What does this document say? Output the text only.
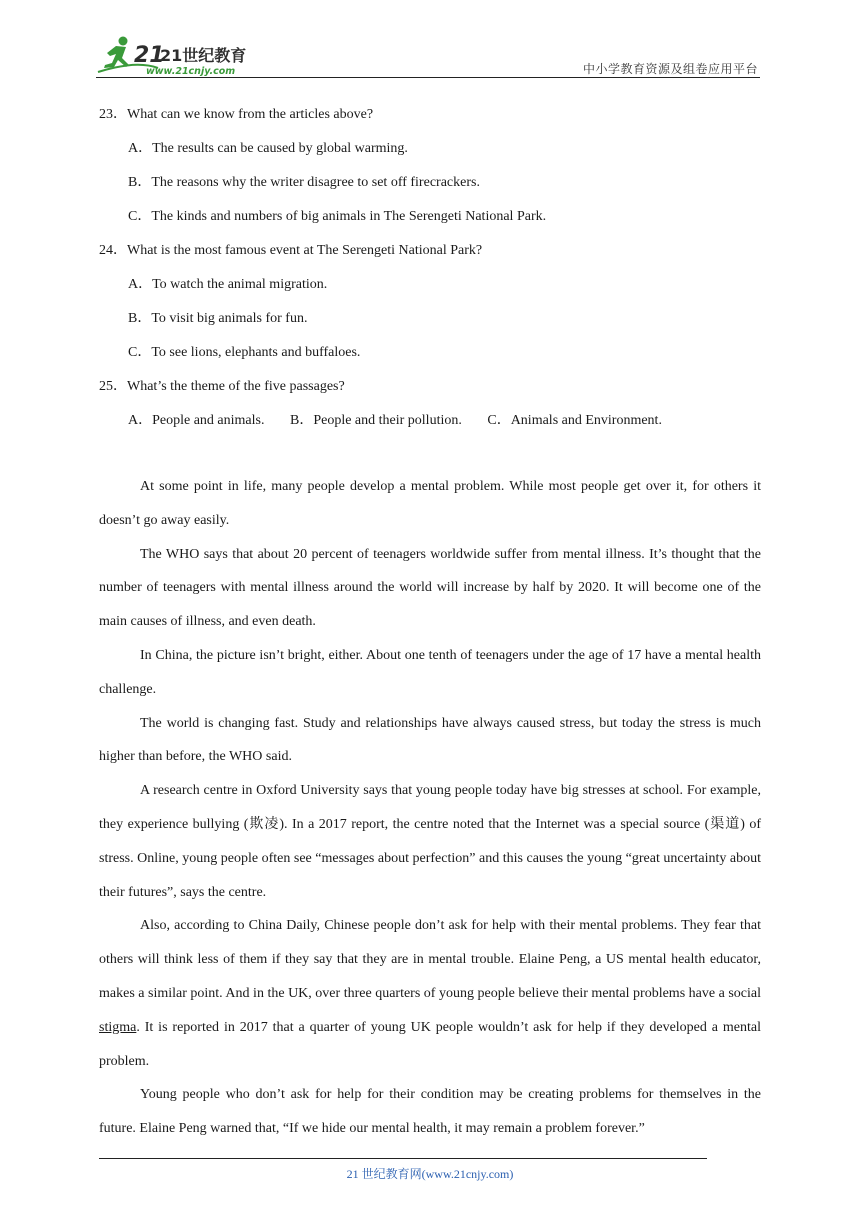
21
21世纪教育
www.21cnjy.com	中小学教育资源及组卷应用平台
23．What can we know from the articles above?
A．The results can be caused by global warming.
B．The reasons why the writer disagree to set off firecrackers.
C．The kinds and numbers of big animals in The Serengeti National Park.
24．What is the most famous event at The Serengeti National Park?
A．To watch the animal migration.
B．To visit big animals for fun.
C．To see lions, elephants and buffaloes.
25．What’s the theme of the five passages?
A．People and animals. B．People and their pollution. C．Animals and Environment.

At some point in life, many people develop a mental problem. While most people get over it, for others it doesn’t go away easily.

The WHO says that about 20 percent of teenagers worldwide suffer from mental illness. It’s thought that the number of teenagers with mental illness around the world will increase by half by 2020. It will become one of the main causes of illness, and even death.

In China, the picture isn’t bright, either. About one tenth of teenagers under the age of 17 have a mental health challenge.

The world is changing fast. Study and relationships have always caused stress, but today the stress is much higher than before, the WHO said.

A research centre in Oxford University says that young people today have big stresses at school. For example, they experience bullying (欺凌). In a 2017 report, the centre noted that the Internet was a special source (渠道) of stress. Online, young people often see “messages about perfection” and this causes the young “great uncertainty about their futures”, says the centre.

Also, according to China Daily, Chinese people don’t ask for help with their mental problems. They fear that others will think less of them if they say that they are in mental trouble. Elaine Peng, a US mental health educator, makes a similar point. And in the UK, over three quarters of young people believe their mental problems have a social stigma. It is reported in 2017 that a quarter of young UK people wouldn’t ask for help if they developed a mental problem.

Young people who don’t ask for help for their condition may be creating problems for themselves in the future. Elaine Peng warned that, “If we hide our mental health, it may remain a problem forever.”

21 世纪教育网(www.21cnjy.com)
